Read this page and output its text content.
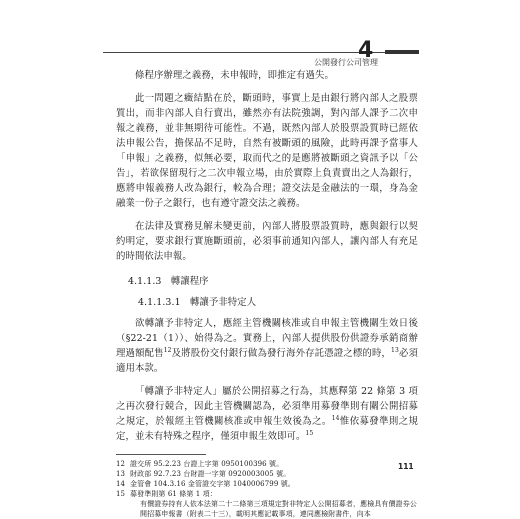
4
公開發行公司管理

條程序辦理之義務，未申報時，即推定有過失。

此一問題之癥結點在於，斷頭時，事實上是由銀行將內部人之股票質出，而非內部人自行賣出，雖然亦有法院強調，對內部人課予二次申報之義務，並非無期待可能性。不過，既然內部人於股票設質時已經依法申報公告，擔保品不足時，自然有被斷頭的風險，此時再課予當事人「申報」之義務，似無必要，取而代之的是應將被斷頭之資訊予以「公告」，若欲保留現行之二次申報立場，由於實際上負責賣出之人為銀行，應將申報義務人改為銀行，較為合理；證交法是金融法的一環，身為金融業一份子之銀行，也有遵守證交法之義務。

在法律及實務見解未變更前，內部人將股票設質時，應與銀行以契約明定，要求銀行實施斷頭前，必須事前通知內部人，讓內部人有充足的時間依法申報。

4.1.1.3 轉讓程序
4.1.1.3.1 轉讓予非特定人

欲轉讓予非特定人，應經主管機關核准或自申報主管機關生效日後（§22-21（1））、始得為之。實務上，內部人提供股份供證券承銷商辦理過額配售$^{12}$及將股份交付銀行做為發行海外存託憑證之標的時，$^{13}$必須適用本款。

「轉讓予非特定人」屬於公開招募之行為，其應釋第 22 條第 3 項之再次發行競合，因此主管機關認為，必須準用募發準則有關公開招募之規定，於報經主管機關核准或申報生效後為之。$^{14}$惟依募發準則之規定，並未有特殊之程序，僅須申報生效即可。$^{15}$

12 證交所 95.2.23 台證上字第 0950100396 號。
13 財政部 92.7.23 台財證一字第 0920003005 號。
14 金管會 104.3.16 金管證交字第 1040006799 號。
15 募發準則第 61 條第 1 項：
有價證券持有人依本法第二十二條第三項規定對非特定人公開招募者，應檢具有價證券公開招募申報書（附表二十三），載明其應記載事項，連同應檢附書件，向本
111
